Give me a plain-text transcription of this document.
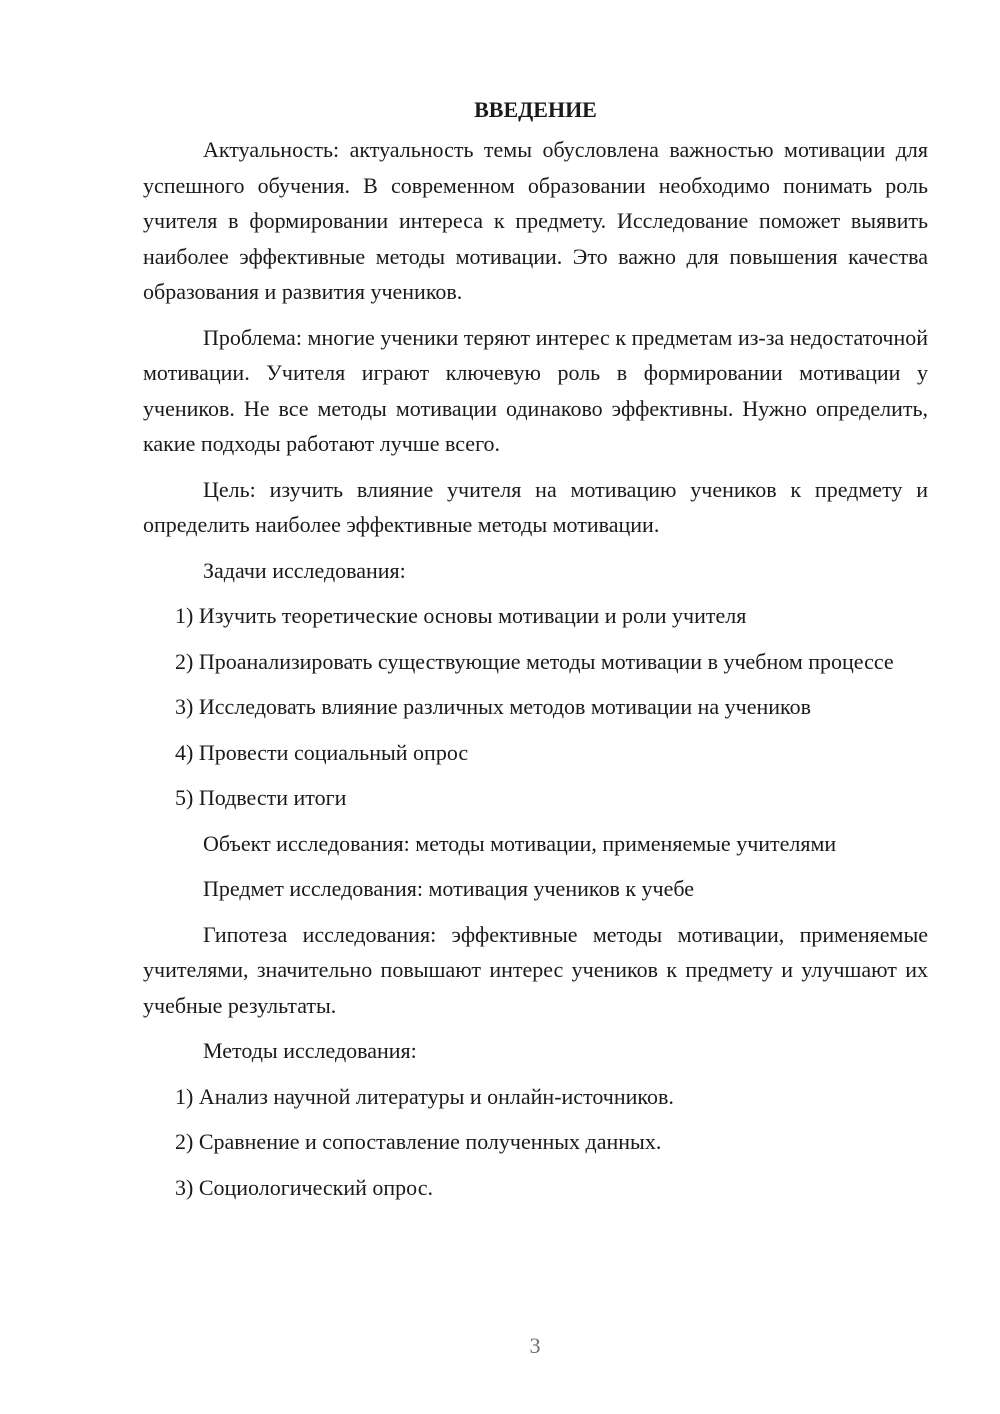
ВВЕДЕНИЕ

Актуальность: актуальность темы обусловлена важностью мотивации для успешного обучения. В современном образовании необходимо понимать роль учителя в формировании интереса к предмету. Исследование поможет выявить наиболее эффективные методы мотивации. Это важно для повышения качества образования и развития учеников.

Проблема: многие ученики теряют интерес к предметам из-за недостаточной мотивации. Учителя играют ключевую роль в формировании мотивации у учеников. Не все методы мотивации одинаково эффективны. Нужно определить, какие подходы работают лучше всего.

Цель: изучить влияние учителя на мотивацию учеников к предмету и определить наиболее эффективные методы мотивации.

Задачи исследования:

1) Изучить теоретические основы мотивации и роли учителя

2) Проанализировать существующие методы мотивации в учебном процессе

3) Исследовать влияние различных методов мотивации на учеников

4) Провести социальный опрос

5) Подвести итоги

Объект исследования: методы мотивации, применяемые учителями

Предмет исследования: мотивация учеников к учебе

Гипотеза исследования: эффективные методы мотивации, применяемые учителями, значительно повышают интерес учеников к предмету и улучшают их учебные результаты.

Методы исследования:

1) Анализ научной литературы и онлайн-источников.

2) Сравнение и сопоставление полученных данных.

3) Социологический опрос.

3
